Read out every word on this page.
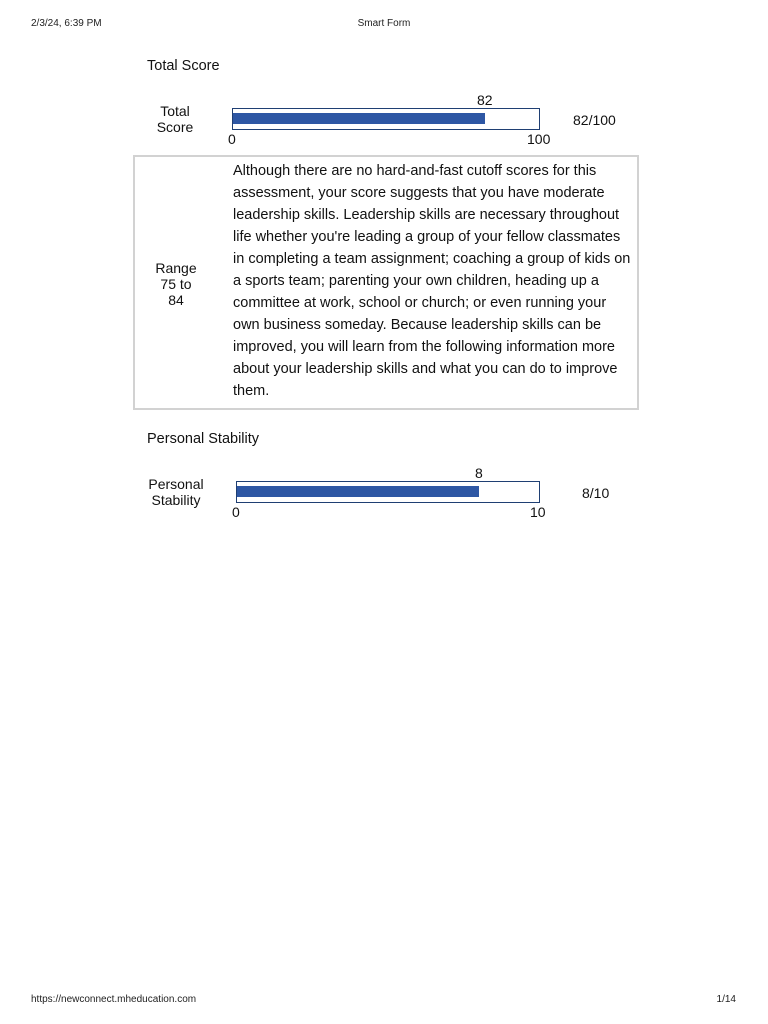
2/3/24, 6:39 PM	Smart Form
Total Score
Total
Score
82
0	100
82/100
Range
75 to
84
Although there are no hard-and-fast cutoff scores for this assessment, your score suggests that you have moderate leadership skills. Leadership skills are necessary throughout life whether you're leading a group of your fellow classmates in completing a team assignment; coaching a group of kids on a sports team; parenting your own children, heading up a committee at work, school or church; or even running your own business someday. Because leadership skills can be improved, you will learn from the following information more about your leadership skills and what you can do to improve them.
Personal Stability
Personal
Stability
8
0	10
8/10
https://newconnect.mheducation.com	1/14
